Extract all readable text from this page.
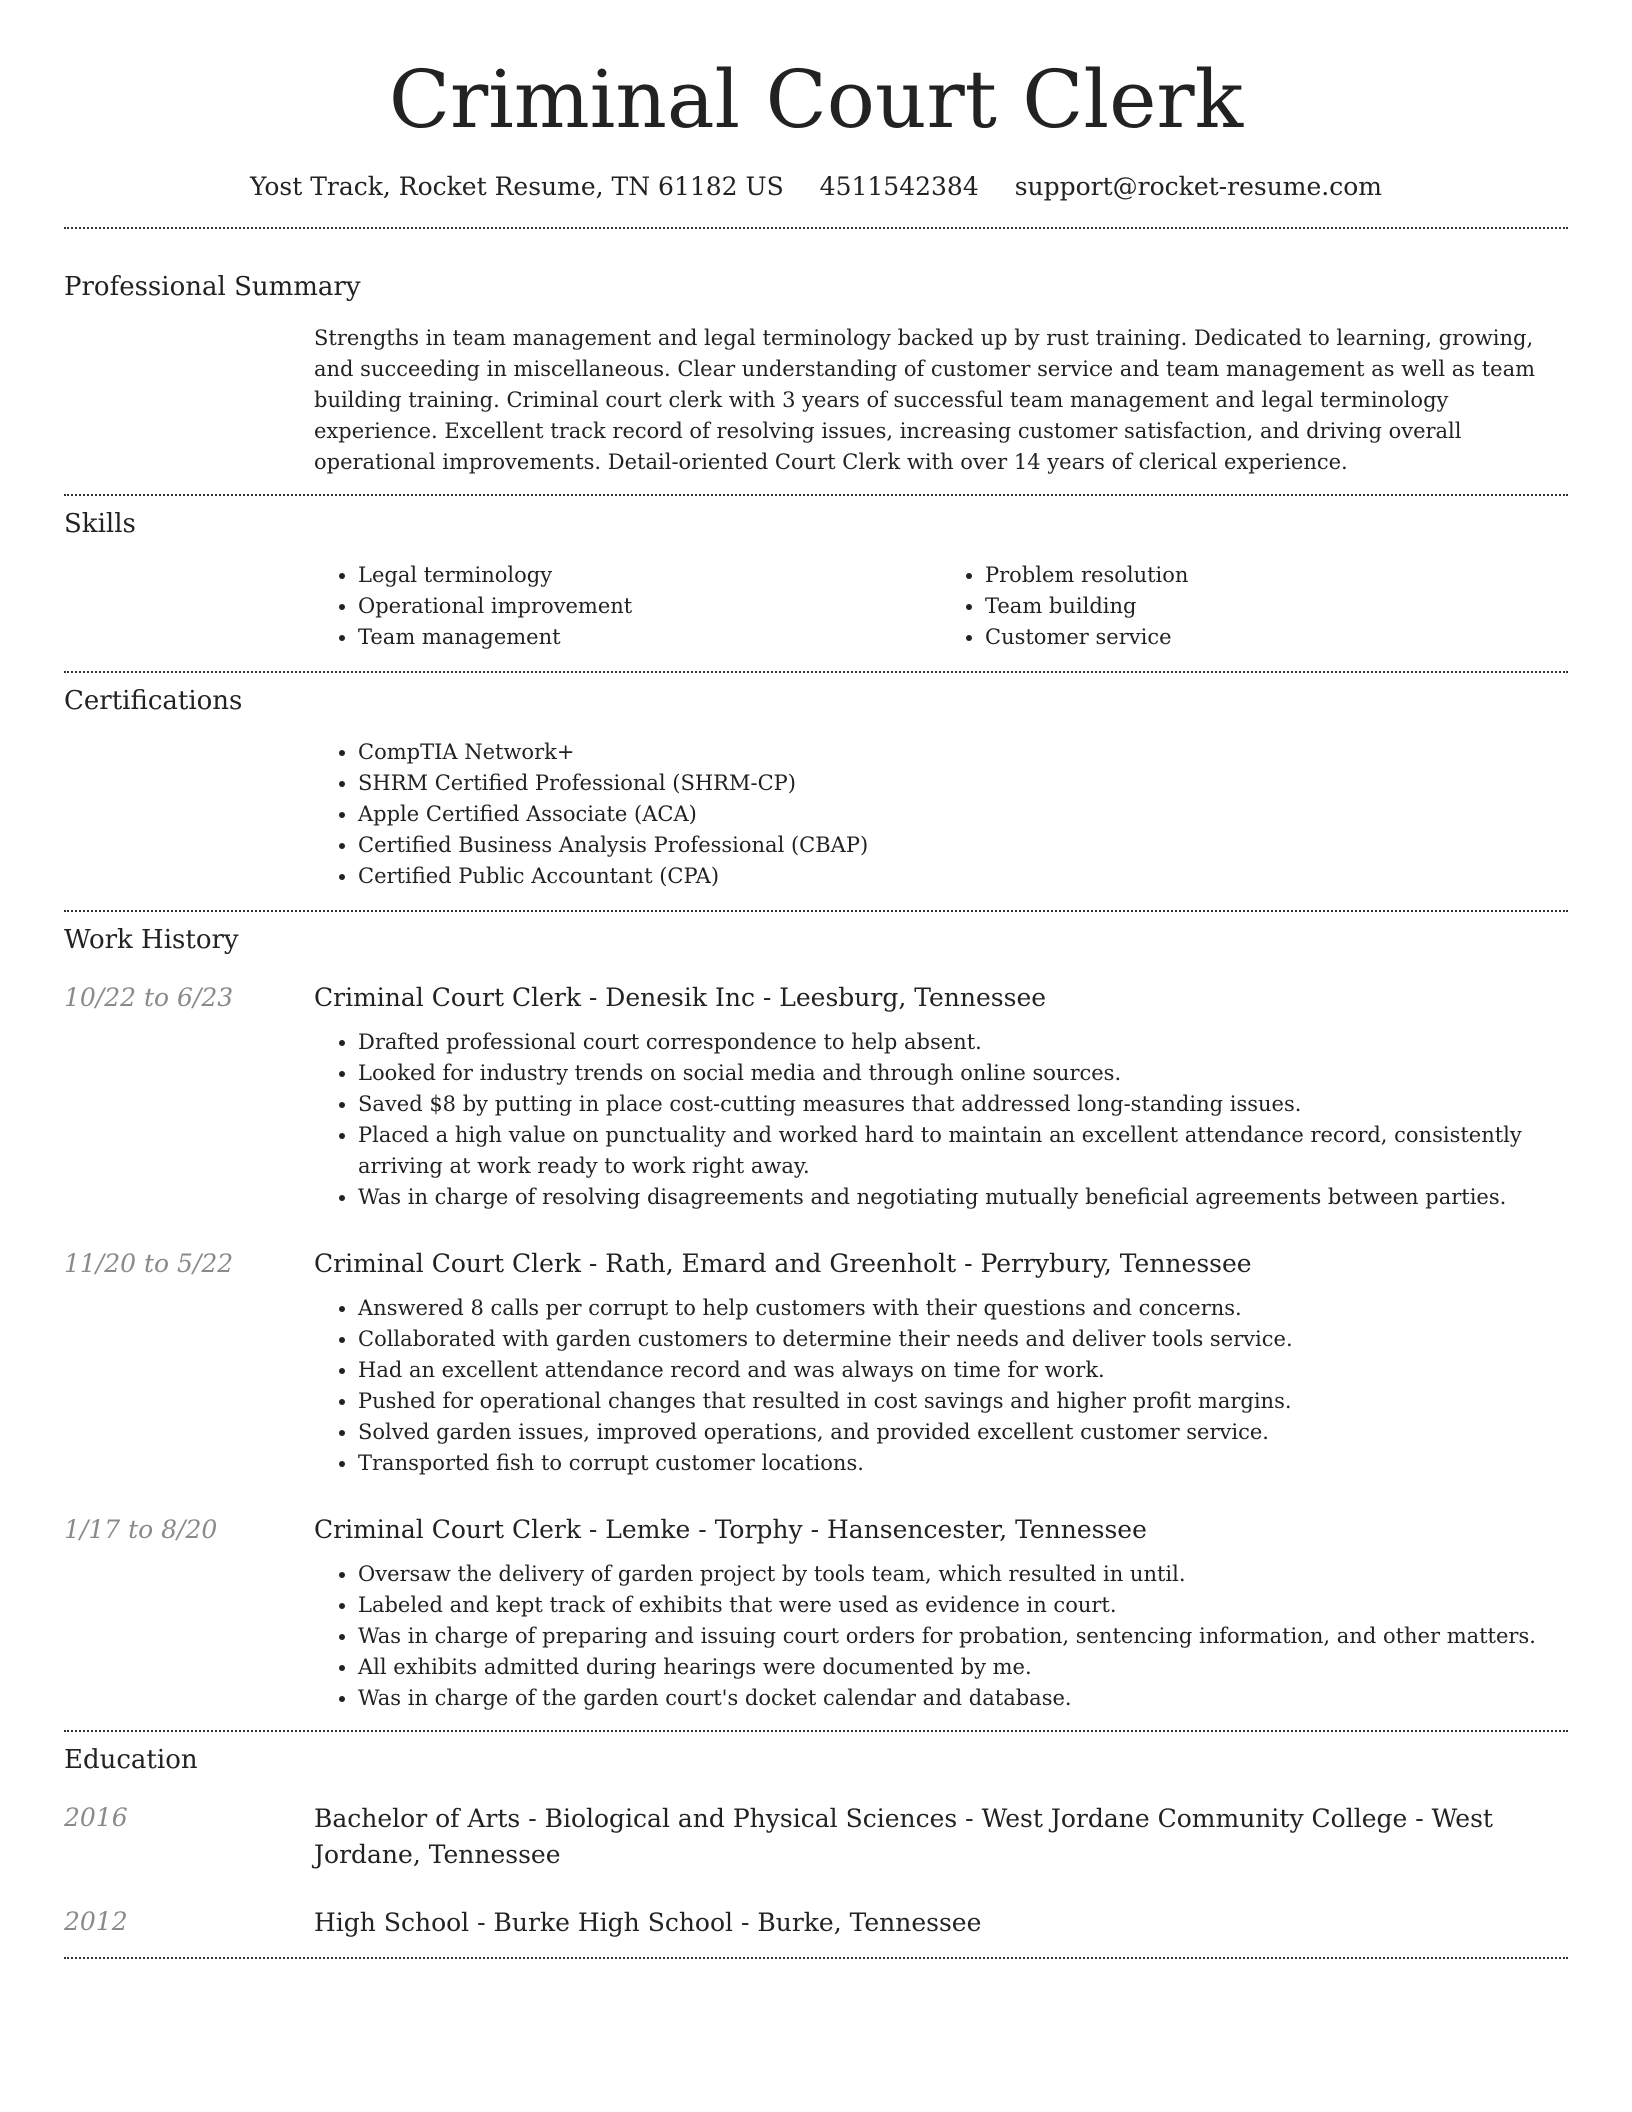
Criminal Court Clerk
Yost Track, Rocket Resume, TN 61182 US 4511542384 support@rocket-resume.com
Professional Summary

Strengths in team management and legal terminology backed up by rust training. Dedicated to learning, growing, and succeeding in miscellaneous. Clear understanding of customer service and team management as well as team building training. Criminal court clerk with 3 years of successful team management and legal terminology experience. Excellent track record of resolving issues, increasing customer satisfaction, and driving overall operational improvements. Detail-oriented Court Clerk with over 14 years of clerical experience.

Skills
• Legal terminology
• Operational improvement
• Team management
• Problem resolution
• Team building
• Customer service
Certifications
• CompTIA Network+
• SHRM Certified Professional (SHRM-CP)
• Apple Certified Associate (ACA)
• Certified Business Analysis Professional (CBAP)
• Certified Public Accountant (CPA)
Work History
10/22 to 6/23	Criminal Court Clerk - Denesik Inc - Leesburg, Tennessee

• Drafted professional court correspondence to help absent.
• Looked for industry trends on social media and through online sources.
• Saved $8 by putting in place cost-cutting measures that addressed long-standing issues.
• Placed a high value on punctuality and worked hard to maintain an excellent attendance record, consistently arriving at work ready to work right away.
• Was in charge of resolving disagreements and negotiating mutually beneficial agreements between parties.
11/20 to 5/22	Criminal Court Clerk - Rath, Emard and Greenholt - Perrybury, Tennessee

• Answered 8 calls per corrupt to help customers with their questions and concerns.
• Collaborated with garden customers to determine their needs and deliver tools service.
• Had an excellent attendance record and was always on time for work.
• Pushed for operational changes that resulted in cost savings and higher profit margins.
• Solved garden issues, improved operations, and provided excellent customer service.
• Transported fish to corrupt customer locations.
1/17 to 8/20	Criminal Court Clerk - Lemke - Torphy - Hansencester, Tennessee

• Oversaw the delivery of garden project by tools team, which resulted in until.
• Labeled and kept track of exhibits that were used as evidence in court.
• Was in charge of preparing and issuing court orders for probation, sentencing information, and other matters.
• All exhibits admitted during hearings were documented by me.
• Was in charge of the garden court's docket calendar and database.
Education
2016	Bachelor of Arts - Biological and Physical Sciences - West Jordane Community College - West Jordane, Tennessee

2012	High School - Burke High School - Burke, Tennessee
